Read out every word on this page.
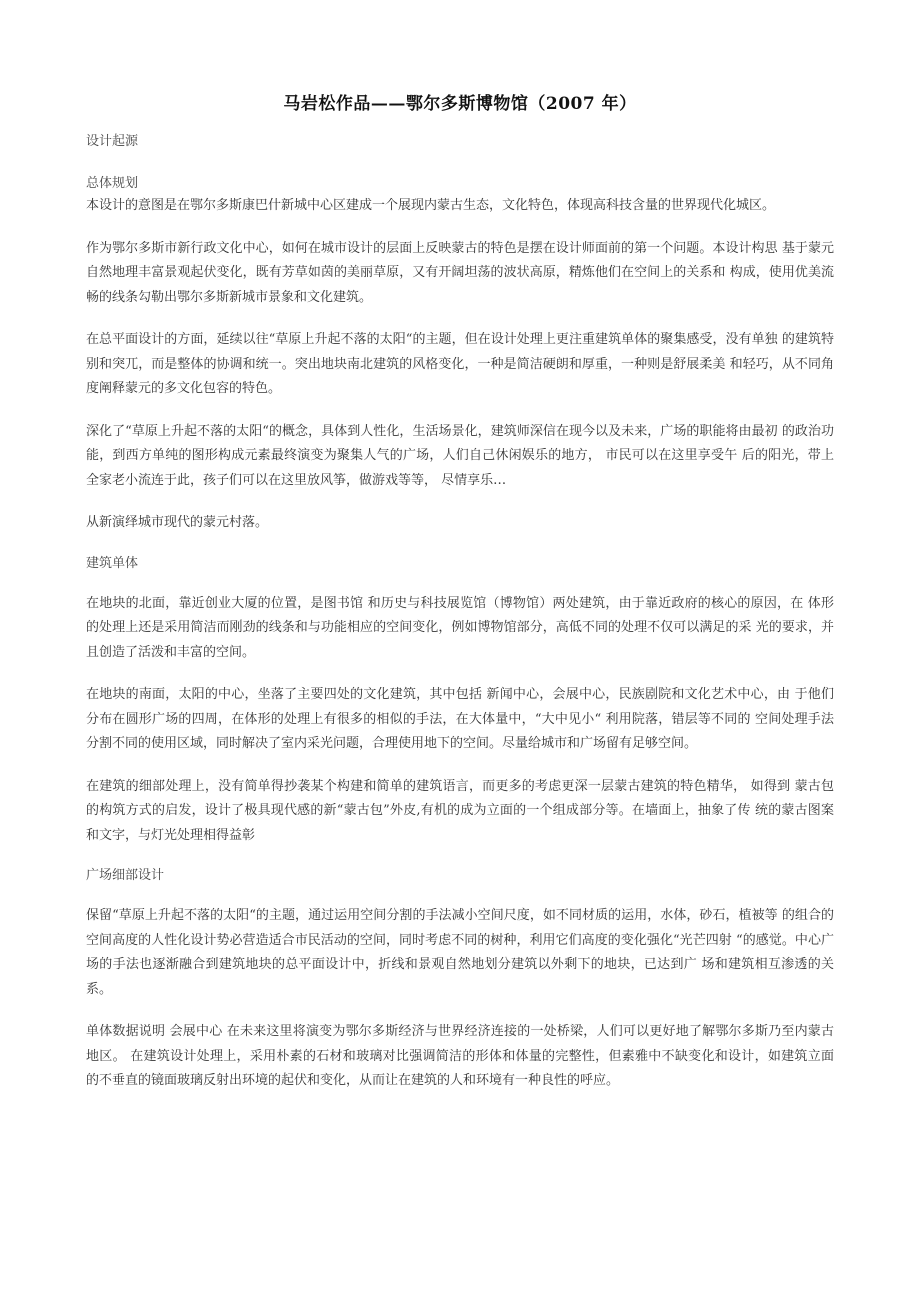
马岩松作品——鄂尔多斯博物馆（2007 年）

设计起源

总体规划

本设计的意图是在鄂尔多斯康巴什新城中心区建成一个展现内蒙古生态，文化特色，体现高科技含量的世界现代化城区。

作为鄂尔多斯市新行政文化中心，如何在城市设计的层面上反映蒙古的特色是摆在设计师面前的第一个问题。本设计构思 基于蒙元自然地理丰富景观起伏变化，既有芳草如茵的美丽草原，又有开阔坦荡的波状高原，精炼他们在空间上的关系和 构成，使用优美流畅的线条勾勒出鄂尔多斯新城市景象和文化建筑。

在总平面设计的方面，延续以往“草原上升起不落的太阳“的主题，但在设计处理上更注重建筑单体的聚集感受，没有单独 的建筑特别和突兀，而是整体的协调和统一。突出地块南北建筑的风格变化，一种是简洁硬朗和厚重，一种则是舒展柔美 和轻巧，从不同角度阐释蒙元的多文化包容的特色。

深化了“草原上升起不落的太阳“的概念，具体到人性化，生活场景化，建筑师深信在现今以及未来，广场的职能将由最初 的政治功能，到西方单纯的图形构成元素最终演变为聚集人气的广场，人们自己休闲娱乐的地方， 市民可以在这里享受午 后的阳光，带上全家老小流连于此，孩子们可以在这里放风筝，做游戏等等， 尽情享乐…

从新演绎城市现代的蒙元村落。

建筑单体

在地块的北面，靠近创业大厦的位置，是图书馆 和历史与科技展览馆（博物馆）两处建筑，由于靠近政府的核心的原因，在 体形的处理上还是采用简洁而刚劲的线条和与功能相应的空间变化，例如博物馆部分，高低不同的处理不仅可以满足的采 光的要求，并且创造了活泼和丰富的空间。

在地块的南面，太阳的中心，坐落了主要四处的文化建筑，其中包括 新闻中心，会展中心，民族剧院和文化艺术中心，由 于他们分布在圆形广场的四周，在体形的处理上有很多的相似的手法，在大体量中，“大中见小“ 利用院落，错层等不同的 空间处理手法分割不同的使用区域，同时解决了室内采光问题，合理使用地下的空间。尽量给城市和广场留有足够空间。

在建筑的细部处理上，没有简单得抄袭某个构建和简单的建筑语言，而更多的考虑更深一层蒙古建筑的特色精华， 如得到 蒙古包的构筑方式的启发，设计了极具现代感的新“蒙古包”外皮,有机的成为立面的一个组成部分等。在墙面上，抽象了传 统的蒙古图案和文字，与灯光处理相得益彰

广场细部设计

保留“草原上升起不落的太阳“的主题，通过运用空间分割的手法减小空间尺度，如不同材质的运用，水体，砂石，植被等 的组合的空间高度的人性化设计势必营造适合市民活动的空间，同时考虑不同的树种，利用它们高度的变化强化“光芒四射 “的感觉。中心广场的手法也逐渐融合到建筑地块的总平面设计中，折线和景观自然地划分建筑以外剩下的地块，已达到广 场和建筑相互渗透的关系。

单体数据说明 会展中心 在未来这里将演变为鄂尔多斯经济与世界经济连接的一处桥梁，人们可以更好地了解鄂尔多斯乃至内蒙古地区。 在建筑设计处理上，采用朴素的石材和玻璃对比强调简洁的形体和体量的完整性，但素雅中不缺变化和设计，如建筑立面 的不垂直的镜面玻璃反射出环境的起伏和变化，从而让在建筑的人和环境有一种良性的呼应。
